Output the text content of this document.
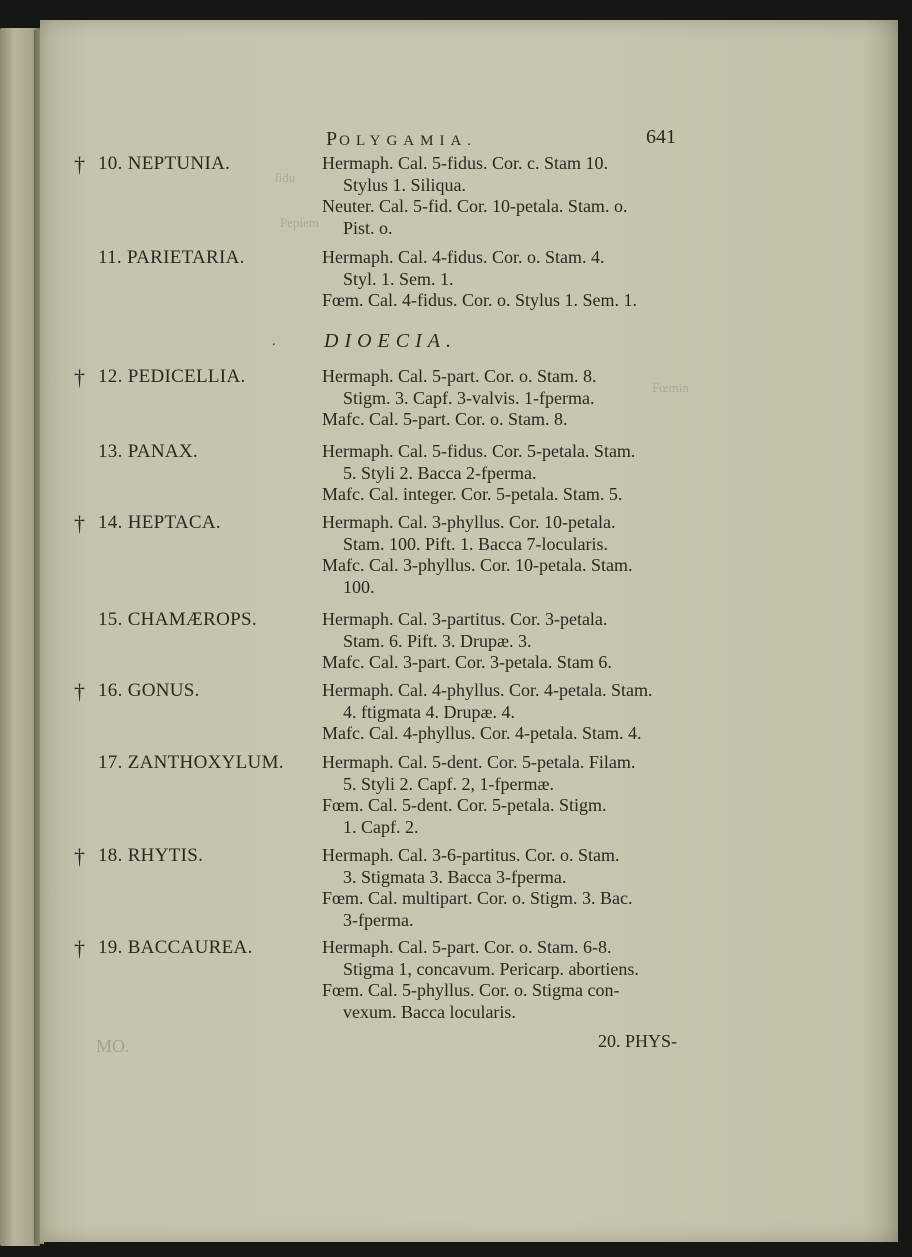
ſidu
Pepiem
Fœmin
POLYGAMIA.	641
† 10. NEPTUNIA.	Hermaph. Cal. 5-fidus. Cor. c. Stam 10.
Stylus 1. Siliqua.
Neuter. Cal. 5-fid. Cor. 10-petala. Stam. o.
Pist. o.
11. PARIETARIA.	Hermaph. Cal. 4-fidus. Cor. o. Stam. 4.
Styl. 1. Sem. 1.
Fœm. Cal. 4-fidus. Cor. o. Stylus 1. Sem. 1.
† 12. PEDICELLIA.	Hermaph. Cal. 5-part. Cor. o. Stam. 8.
Stigm. 3. Capf. 3-valvis. 1-fperma.
Mafc. Cal. 5-part. Cor. o. Stam. 8.
13. PANAX.	Hermaph. Cal. 5-fidus. Cor. 5-petala. Stam.
5. Styli 2. Bacca 2-fperma.
Mafc. Cal. integer. Cor. 5-petala. Stam. 5.
† 14. HEPTACA.	Hermaph. Cal. 3-phyllus. Cor. 10-petala.
Stam. 100. Pift. 1. Bacca 7-locularis.
Mafc. Cal. 3-phyllus. Cor. 10-petala. Stam.
100.
15. CHAMÆROPS.	Hermaph. Cal. 3-partitus. Cor. 3-petala.
Stam. 6. Pift. 3. Drupæ. 3.
Mafc. Cal. 3-part. Cor. 3-petala. Stam 6.
† 16. GONUS.	Hermaph. Cal. 4-phyllus. Cor. 4-petala. Stam.
4. ftigmata 4. Drupæ. 4.
Mafc. Cal. 4-phyllus. Cor. 4-petala. Stam. 4.
17. ZANTHOXYLUM. Hermaph. Cal. 5-dent. Cor. 5-petala. Filam.
5. Styli 2. Capf. 2, 1-fpermæ.
Fœm. Cal. 5-dent. Cor. 5-petala. Stigm.
1. Capf. 2.
† 18. RHYTIS.	Hermaph. Cal. 3-6-partitus. Cor. o. Stam.
3. Stigmata 3. Bacca 3-fperma.
Fœm. Cal. multipart. Cor. o. Stigm. 3. Bac.
3-fperma.
† 19. BACCAUREA.	Hermaph. Cal. 5-part. Cor. o. Stam. 6-8.
Stigma 1, concavum. Pericarp. abortiens.
Fœm. Cal. 5-phyllus. Cor. o. Stigma con-
vexum. Bacca locularis.
. DIOECIA.
20. PHYS-
MO.
